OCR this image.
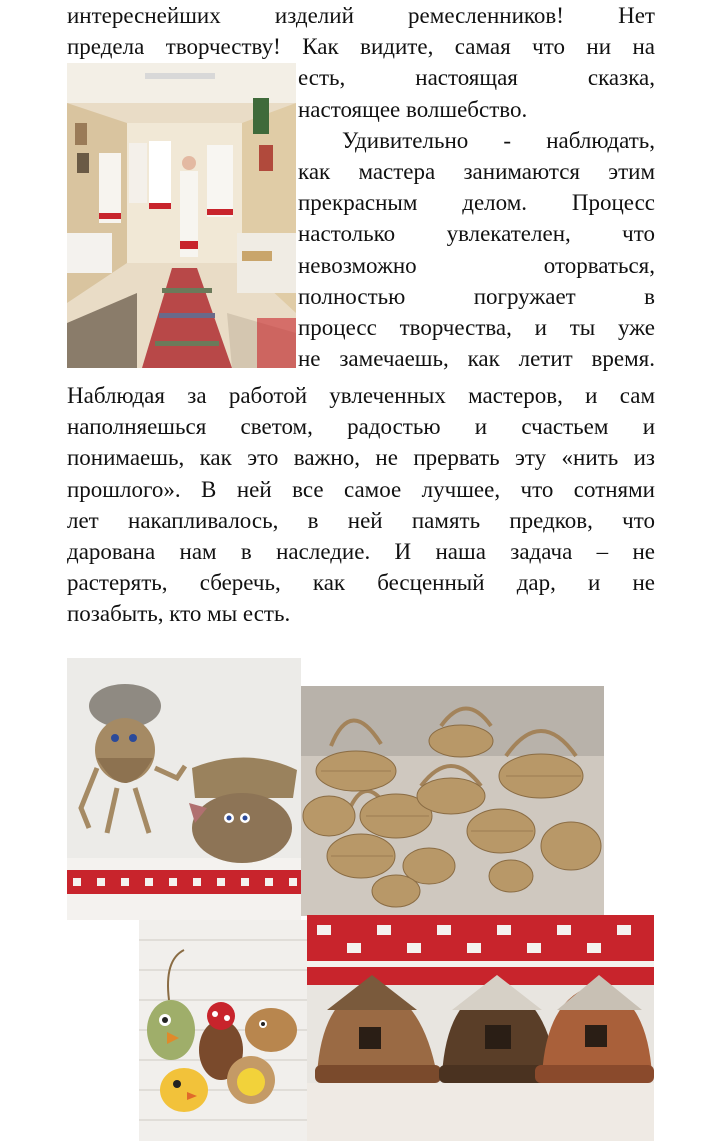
интереснейших изделий ремесленников! Нет
предела творчеству! Как видите, самая что ни на
есть, настоящая сказка,
настоящее волшебство.
Удивительно - наблюдать,
как мастера занимаются этим
прекрасным делом. Процесс
настолько увлекателен, что
невозможно оторваться,
полностью погружает в
процесс творчества, и ты уже
не замечаешь, как летит время.
Наблюдая за работой увлеченных мастеров, и сам
наполняешься светом, радостью и счастьем и
понимаешь, как это важно, не прервать эту «нить из
прошлого». В ней все самое лучшее, что сотнями
лет накапливалось, в ней память предков, что
дарована нам в наследие. И наша задача – не
растерять, сберечь, как бесценный дар, и не
позабыть, кто мы есть.
